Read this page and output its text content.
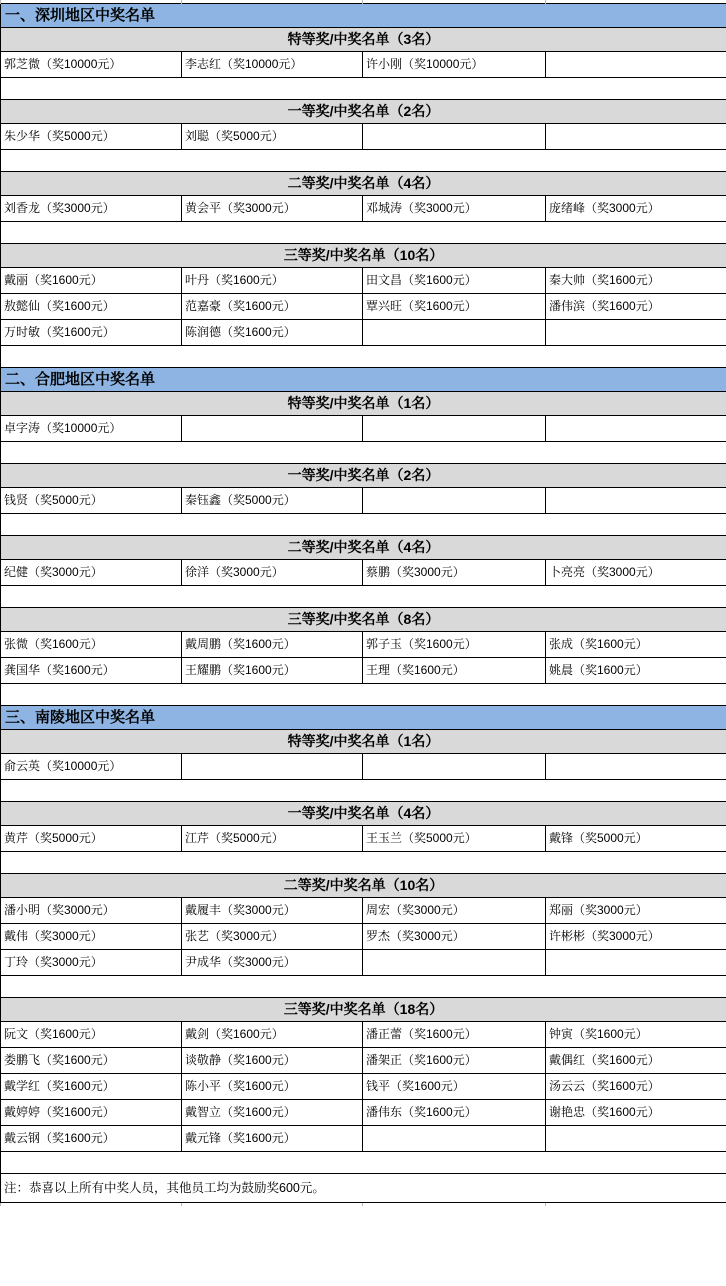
一、深圳地区中奖名单			
特等奖/中奖名单（3名）			
郭芝微（奖10000元）	李志红（奖10000元）	许小刚（奖10000元）	

一等奖/中奖名单（2名）			
朱少华（奖5000元）	刘聪（奖5000元）		

二等奖/中奖名单（4名）			
刘香龙（奖3000元）	黄会平（奖3000元）	邓城涛（奖3000元）	庞绪峰（奖3000元）

三等奖/中奖名单（10名）			
戴丽（奖1600元）	叶丹（奖1600元）	田文昌（奖1600元）	秦大帅（奖1600元）
敖懿仙（奖1600元）	范嘉豪（奖1600元）	覃兴旺（奖1600元）	潘伟滨（奖1600元）
万时敏（奖1600元）	陈润德（奖1600元）		

二、合肥地区中奖名单			
特等奖/中奖名单（1名）			
卓字涛（奖10000元）			

一等奖/中奖名单（2名）			
钱贤（奖5000元）	秦钰鑫（奖5000元）		

二等奖/中奖名单（4名）			
纪健（奖3000元）	徐洋（奖3000元）	蔡鹏（奖3000元）	卜亮亮（奖3000元）

三等奖/中奖名单（8名）			
张微（奖1600元）	戴周鹏（奖1600元）	郭子玉（奖1600元）	张成（奖1600元）
龚国华（奖1600元）	王耀鹏（奖1600元）	王理（奖1600元）	姚晨（奖1600元）

三、南陵地区中奖名单			
特等奖/中奖名单（1名）			
俞云英（奖10000元）			

一等奖/中奖名单（4名）			
黄芹（奖5000元）	江芹（奖5000元）	王玉兰（奖5000元）	戴锋（奖5000元）

二等奖/中奖名单（10名）			
潘小明（奖3000元）	戴履丰（奖3000元）	周宏（奖3000元）	郑丽（奖3000元）
戴伟（奖3000元）	张艺（奖3000元）	罗杰（奖3000元）	许彬彬（奖3000元）
丁玲（奖3000元）	尹成华（奖3000元）		

三等奖/中奖名单（18名）			
阮文（奖1600元）	戴剑（奖1600元）	潘正蕾（奖1600元）	钟寅（奖1600元）
娄鹏飞（奖1600元）	谈敬静（奖1600元）	潘架正（奖1600元）	戴偶红（奖1600元）
戴学红（奖1600元）	陈小平（奖1600元）	钱平（奖1600元）	汤云云（奖1600元）
戴婷婷（奖1600元）	戴智立（奖1600元）	潘伟东（奖1600元）	谢艳忠（奖1600元）
戴云钢（奖1600元）	戴元锋（奖1600元）		

注：恭喜以上所有中奖人员，其他员工均为鼓励奖600元。			
